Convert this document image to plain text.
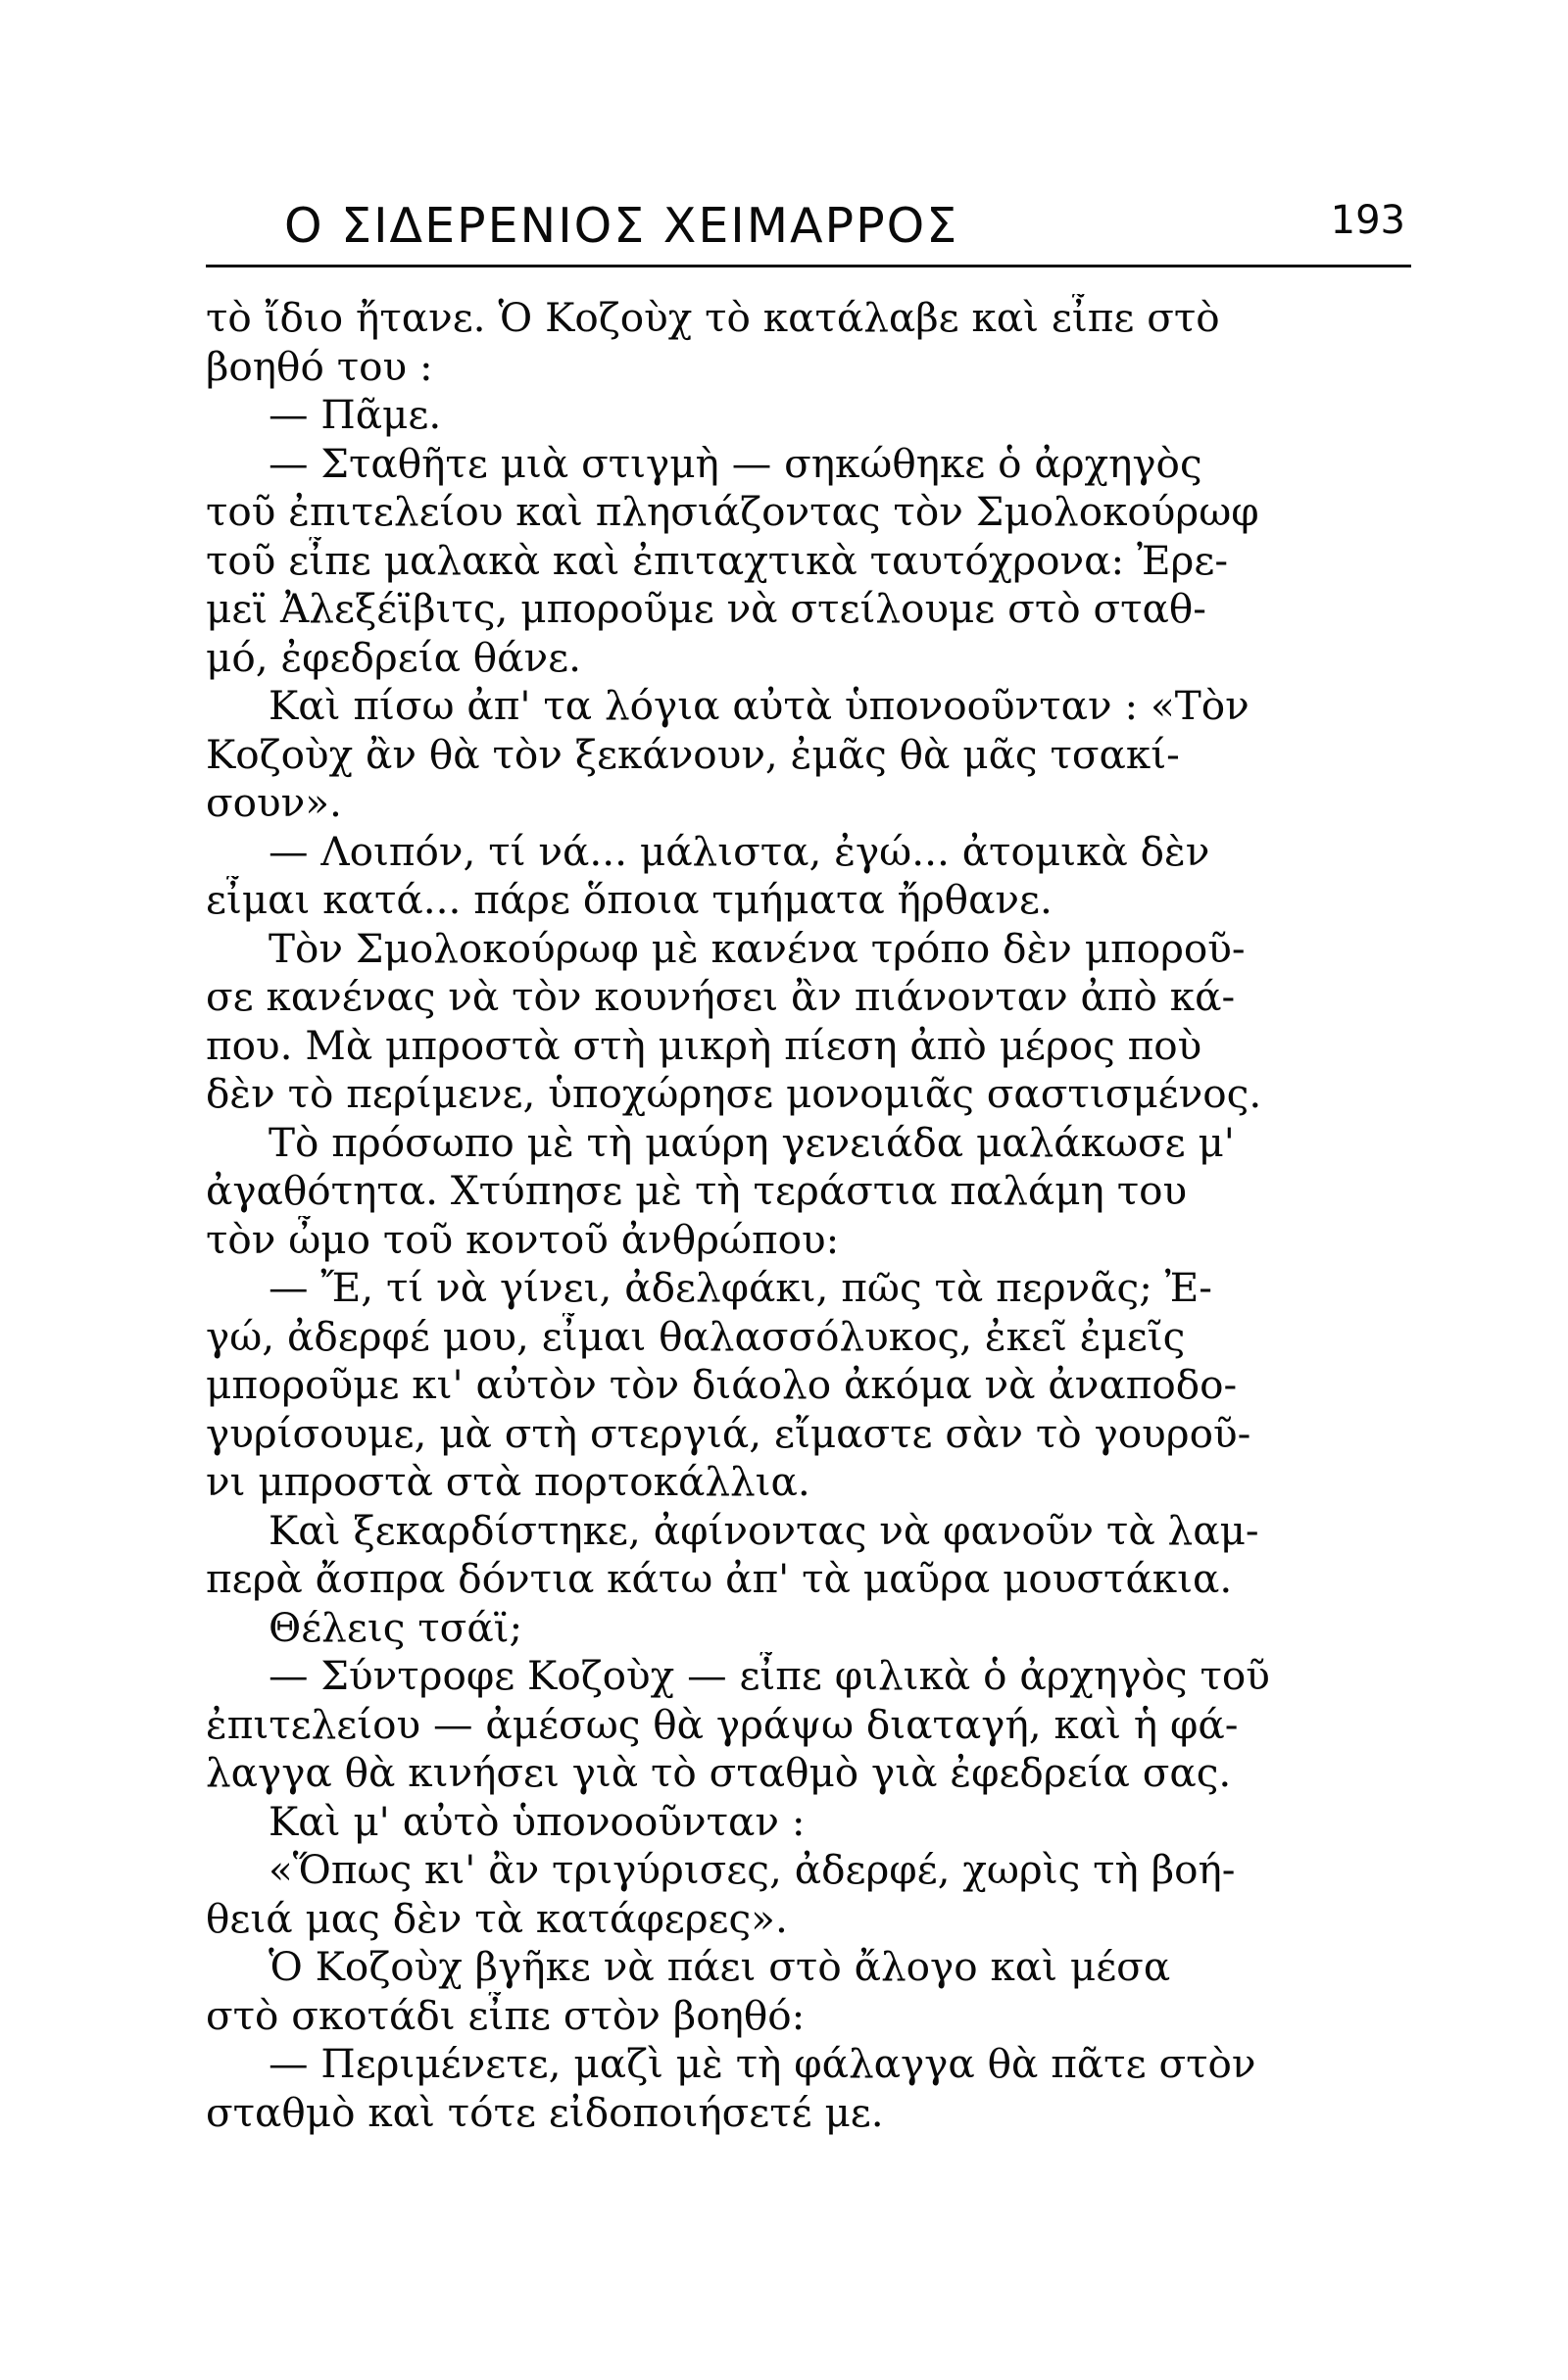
Ο ΣΙΔΕΡΕΝΙΟΣ ΧΕΙΜΑΡΡΟΣ	193
τὸ ἴδιο ἤτανε. Ὁ Κοζοὺχ τὸ κατάλαβε καὶ εἶπε στὸ
βοηθό του :
— Πᾶμε.
— Σταθῆτε μιὰ στιγμὴ — σηκώθηκε ὁ ἀρχηγὸς
τοῦ ἐπιτελείου καὶ πλησιάζοντας τὸν Σμολοκούρωφ
τοῦ εἶπε μαλακὰ καὶ ἐπιταχτικὰ ταυτόχρονα: Ἐρε-
μεϊ Ἀλεξέϊβιτς, μποροῦμε νὰ στείλουμε στὸ σταθ-
μό, ἐφεδρεία θάνε.
Καὶ πίσω ἀπ' τα λόγια αὐτὰ ὑπονοοῦνταν : «Τὸν
Κοζοὺχ ἂν θὰ τὸν ξεκάνουν, ἐμᾶς θὰ μᾶς τσακί-
σουν».
— Λοιπόν, τί νά... μάλιστα, ἐγώ... ἀτομικὰ δὲν
εἶμαι κατά... πάρε ὅποια τμήματα ἤρθανε.
Τὸν Σμολοκούρωφ μὲ κανένα τρόπο δὲν μποροῦ-
σε κανένας νὰ τὸν κουνήσει ἂν πιάνονταν ἀπὸ κά-
που. Μὰ μπροστὰ στὴ μικρὴ πίεση ἀπὸ μέρος ποὺ
δὲν τὸ περίμενε, ὑποχώρησε μονομιᾶς σαστισμένος.
Τὸ πρόσωπο μὲ τὴ μαύρη γενειάδα μαλάκωσε μ'
ἀγαθότητα. Χτύπησε μὲ τὴ τεράστια παλάμη του
τὸν ὦμο τοῦ κοντοῦ ἀνθρώπου:
— Ἔ, τί νὰ γίνει, ἀδελφάκι, πῶς τὰ περνᾶς; Ἐ-
γώ, ἀδερφέ μου, εἶμαι θαλασσόλυκος, ἐκεῖ ἐμεῖς
μποροῦμε κι' αὐτὸν τὸν διάολο ἀκόμα νὰ ἀναποδο-
γυρίσουμε, μὰ στὴ στεργιά, εἴμαστε σὰν τὸ γουροῦ-
νι μπροστὰ στὰ πορτοκάλλια.
Καὶ ξεκαρδίστηκε, ἀφίνοντας νὰ φανοῦν τὰ λαμ-
περὰ ἄσπρα δόντια κάτω ἀπ' τὰ μαῦρα μουστάκια.
Θέλεις τσάϊ;
— Σύντροφε Κοζοὺχ — εἶπε φιλικὰ ὁ ἀρχηγὸς τοῦ
ἐπιτελείου — ἀμέσως θὰ γράψω διαταγή, καὶ ἡ φά-
λαγγα θὰ κινήσει γιὰ τὸ σταθμὸ γιὰ ἐφεδρεία σας.
Καὶ μ' αὐτὸ ὑπονοοῦνταν :
«Ὅπως κι' ἂν τριγύρισες, ἀδερφέ, χωρὶς τὴ βοή-
θειά μας δὲν τὰ κατάφερες».
Ὁ Κοζοὺχ βγῆκε νὰ πάει στὸ ἄλογο καὶ μέσα
στὸ σκοτάδι εἶπε στὸν βοηθό:
— Περιμένετε, μαζὶ μὲ τὴ φάλαγγα θὰ πᾶτε στὸν
σταθμὸ καὶ τότε εἰδοποιήσετέ με.
